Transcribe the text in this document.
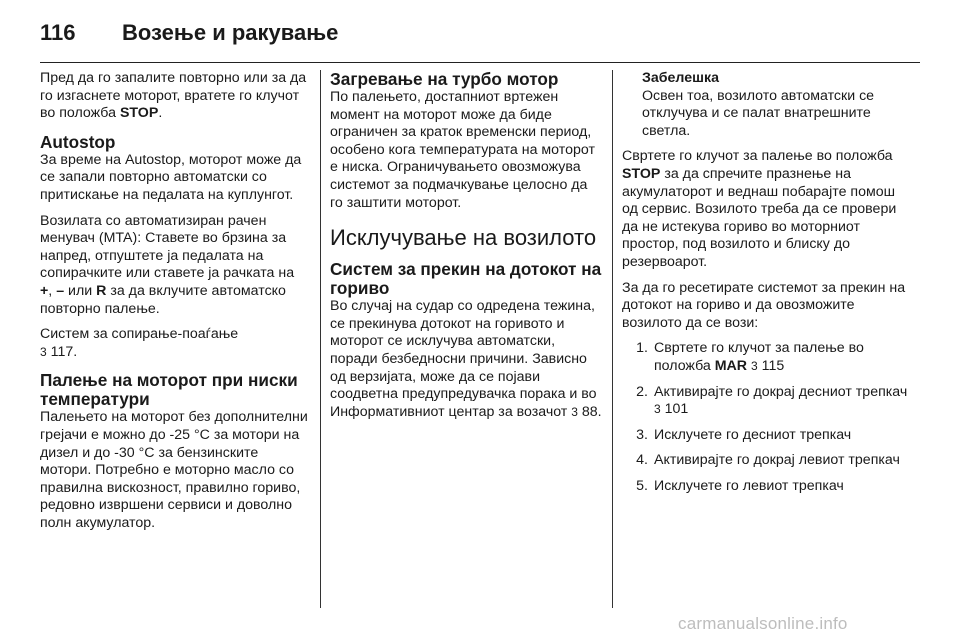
116	Возење и ракување

Пред да го запалите повторно или за да го изгаснете моторот, вратете го клучот во положба STOP.

Autostop

За време на Autostop, моторот може да се запали повторно автоматски со притискање на педалата на куплунгот.

Возилата со автоматизиран рачен менувач (MTA): Ставете во брзина за напред, отпуштете ја педалата на сопирачките или ставете ја рачката на +, – или R за да вклучите автоматско повторно палење.

Систем за сопирање-поаѓање
3 117.

Палење на моторот при ниски температури

Палењето на моторот без дополнителни грејачи е можно до -25 °C за мотори на дизел и до -30 °C за бензинските мотори. Потребно е моторно масло со правилна вискозност, правилно гориво, редовно извршени сервиси и доволно полн акумулатор.

Загревање на турбо мотор

По палењето, достапниот вртежен момент на моторот може да биде ограничен за краток временски период, особено кога температурата на моторот е ниска. Ограничувањето овозможува системот за подмачкување целосно да го заштити моторот.

Исклучување на возилото
Систем за прекин на дотокот на гориво

Во случај на судар со одредена тежина, се прекинува дотокот на горивото и моторот се исклучува автоматски, поради безбедносни причини. Зависно од верзијата, може да се појави соодветна предупредувачка порака и во Информативниот центар за возачот 3 88.

Забелешка
Освен тоа, возилото автоматски се отклучува и се палат внатрешните светла.

Свртете го клучот за палење во положба STOP за да спречите празнење на акумулаторот и веднаш побарајте помош од сервис. Возилото треба да се провери да не истекува гориво во моторниот простор, под возилото и блиску до резервоарот.

За да го ресетирате системот за прекин на дотокот на гориво и да овозможите возилото да се вози:

1. Свртете го клучот за палење во положба MAR 3 115
2. Активирајте го докрај десниот трепкач 3 101
3. Исклучете го десниот трепкач
4. Активирајте го докрај левиот трепкач
5. Исклучете го левиот трепкач
carmanualsonline.info
